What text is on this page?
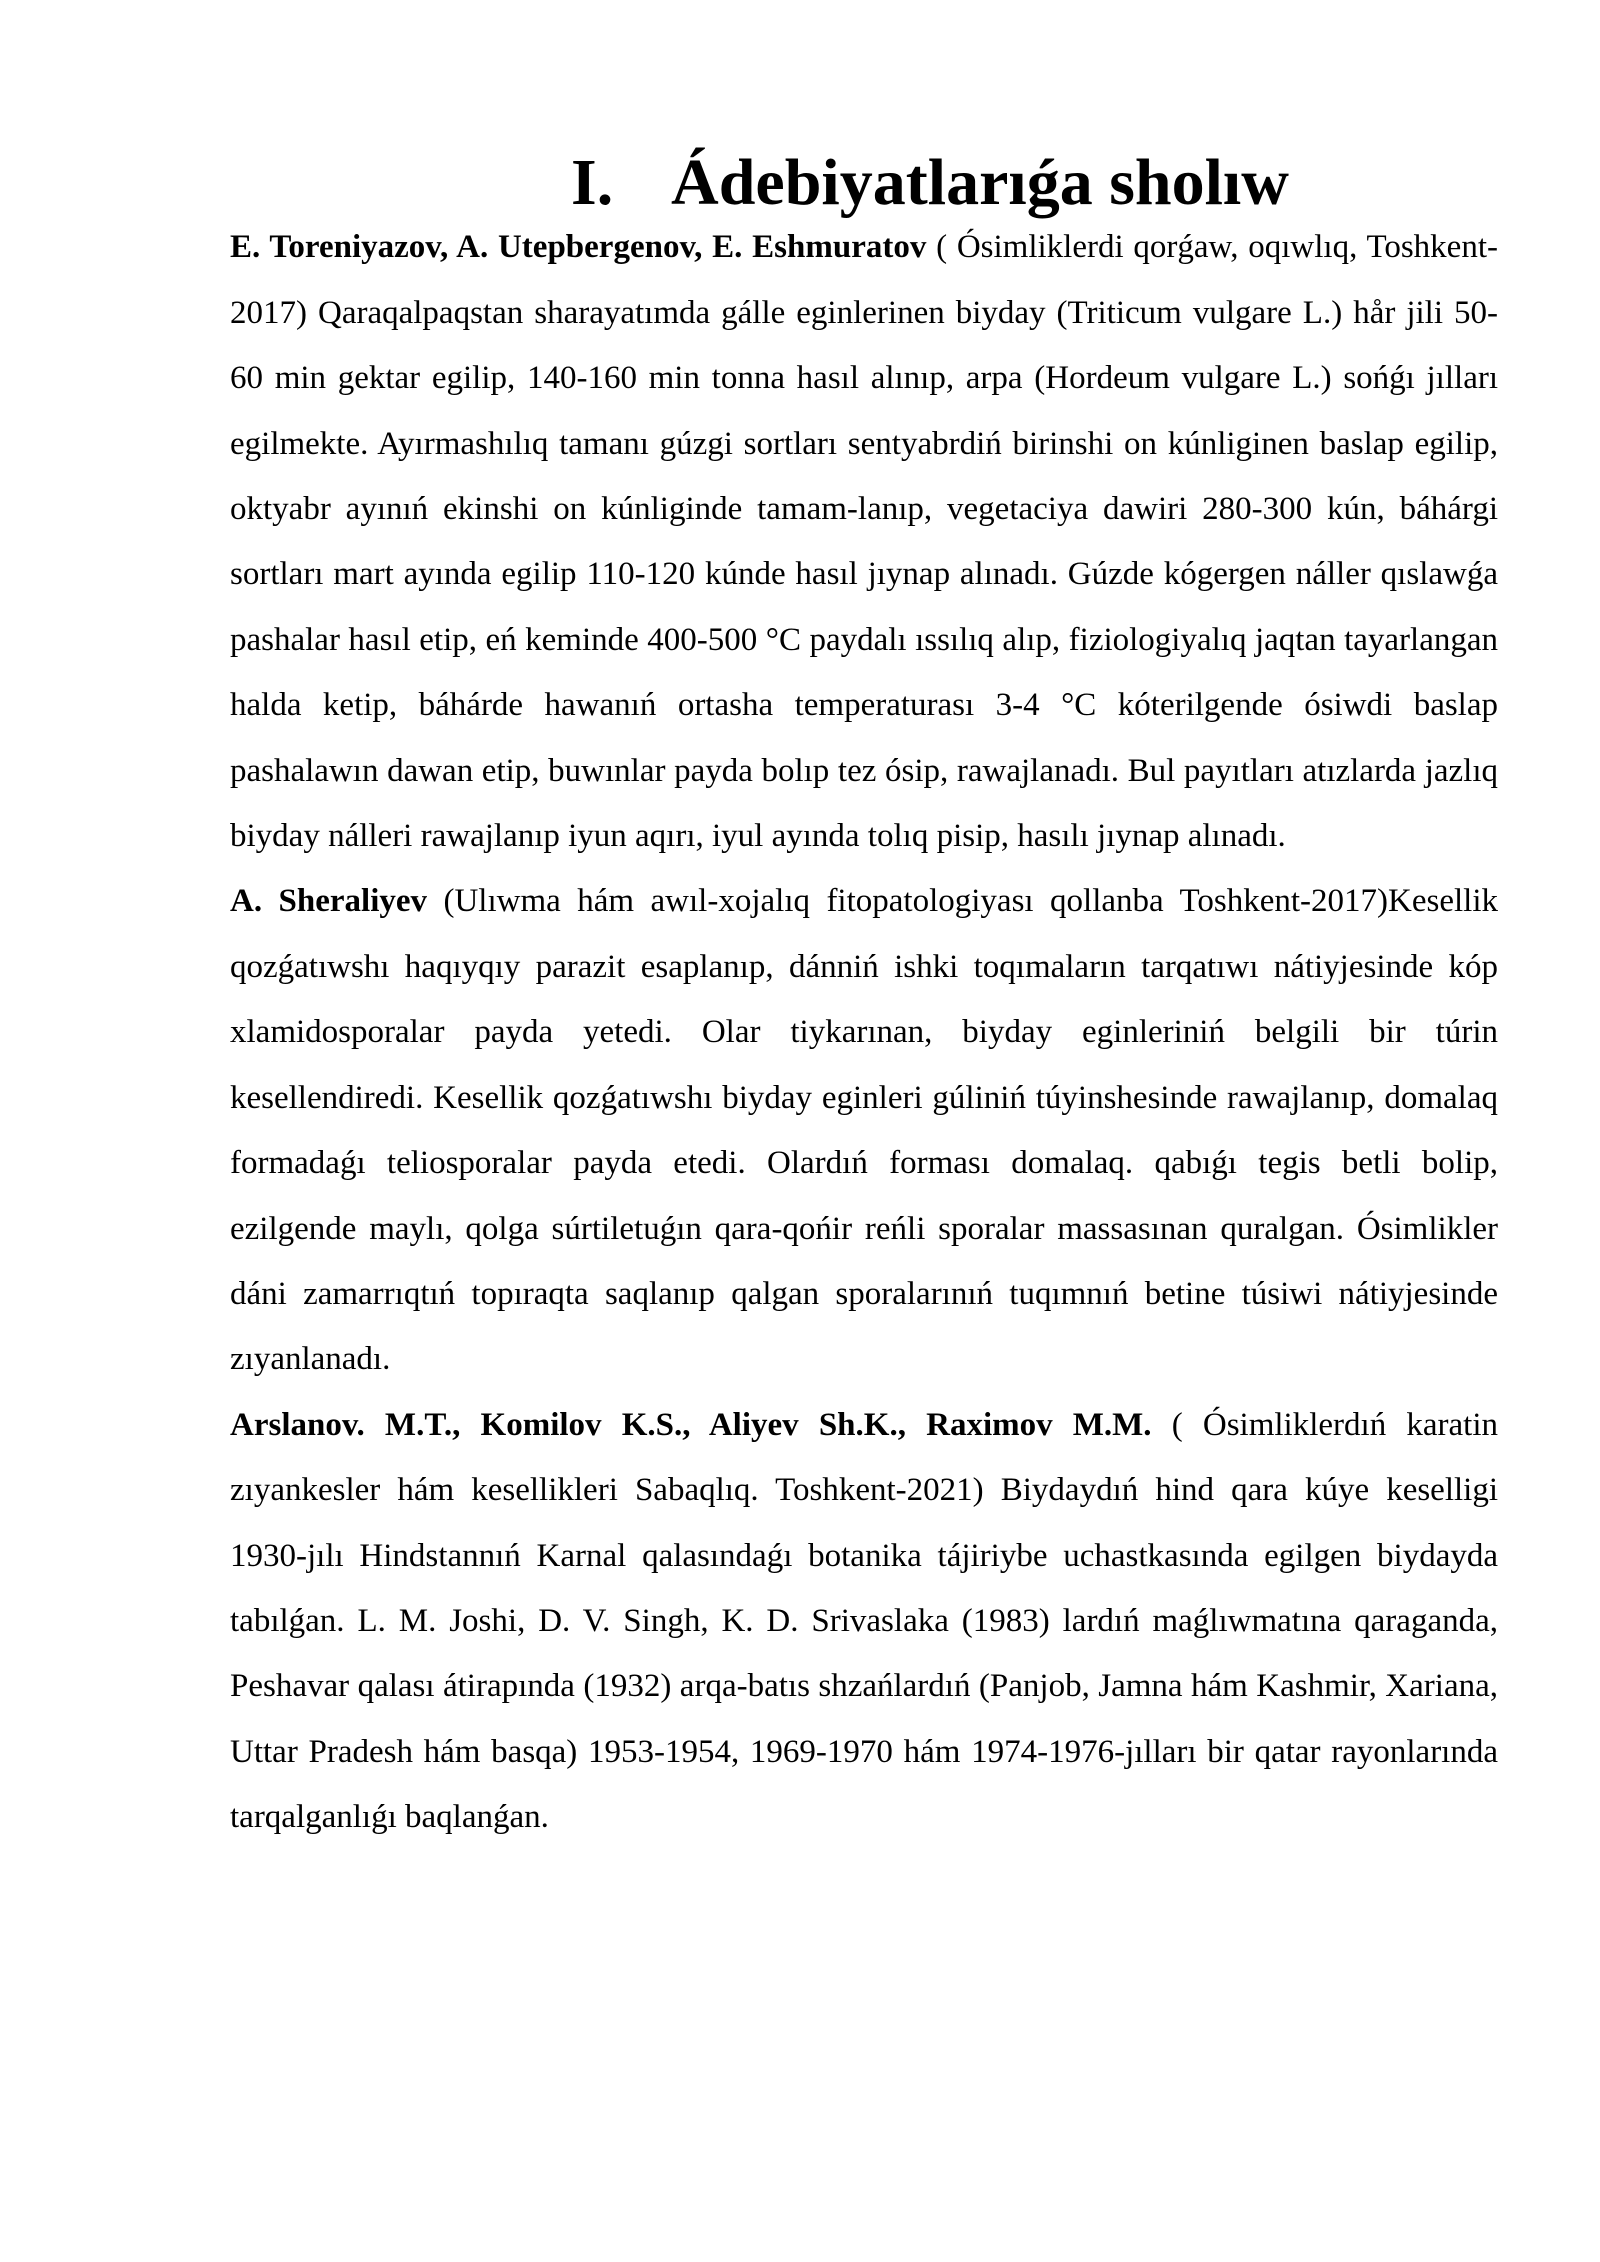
I. Ádebiyatlarıǵa sholıw

E. Toreniyazov, A. Utepbergenov, E. Eshmuratov ( Ósimliklerdi qorǵaw, oqıwlıq, Toshkent-2017) Qaraqalpaqstan sharayatımda gálle eginlerinen biyday (Triticum vulgare L.) hår jili 50-60 min gektar egilip, 140-160 min tonna hasıl alınıp, arpa (Hordeum vulgare L.) sońǵı jılları egilmekte. Ayırmashılıq tamanı gúzgi sortları sentyabrdiń birinshi on kúnliginen baslap egilip, oktyabr ayınıń ekinshi on kúnliginde tamam-lanıp, vegetaciya dawiri 280-300 kún, báhárgi sortları mart ayında egilip 110-120 kúnde hasıl jıynap alınadı. Gúzde kógergen náller qıslawǵa pashalar hasıl etip, eń keminde 400-500 °C paydalı ıssılıq alıp, fiziologiyalıq jaqtan tayarlangan halda ketip, báhárde hawanıń ortasha temperaturası 3-4 °C kóterilgende ósiwdi baslap pashalawın dawan etip, buwınlar payda bolıp tez ósip, rawajlanadı. Bul payıtları atızlarda jazlıq biyday nálleri rawajlanıp iyun aqırı, iyul ayında tolıq pisip, hasılı jıynap alınadı.

A. Sheraliyev (Ulıwma hám awıl-xojalıq fitopatologiyası qollanba Toshkent-2017)Kesellik qozǵatıwshı haqıyqıy parazit esaplanıp, dánniń ishki toqımaların tarqatıwı nátiyjesinde kóp xlamidosporalar payda yetedi. Olar tiykarınan, biyday eginleriniń belgili bir túrin kesellendiredi. Kesellik qozǵatıwshı biyday eginleri gúliniń túyinshesinde rawajlanıp, domalaq formadaǵı teliosporalar payda etedi. Olardıń forması domalaq. qabıǵı tegis betli bolip, ezilgende maylı, qolga súrtiletuǵın qara-qońir reńli sporalar massasınan quralgan. Ósimlikler dáni zamarrıqtıń topıraqta saqlanıp qalgan sporalarınıń tuqımnıń betine túsiwi nátiyjesinde zıyanlanadı.

Arslanov. M.T., Komilov K.S., Aliyev Sh.K., Raximov M.M. ( Ósimliklerdıń karatin zıyankesler hám kesellikleri Sabaqlıq. Toshkent-2021) Biydaydıń hind qara kúye keselligi 1930-jılı Hindstannıń Karnal qalasındaǵı botanika tájiriybe uchastkasında egilgen biydayda tabılǵan. L. M. Joshi, D. V. Singh, K. D. Srivaslaka (1983) lardıń maǵlıwmatına qaraganda, Peshavar qalası átirapında (1932) arqa-batıs shzańlardıń (Panjob, Jamna hám Kashmir, Xariana, Uttar Pradesh hám basqa) 1953-1954, 1969-1970 hám 1974-1976-jılları bir qatar rayonlarında tarqalganlıǵı baqlanǵan.
